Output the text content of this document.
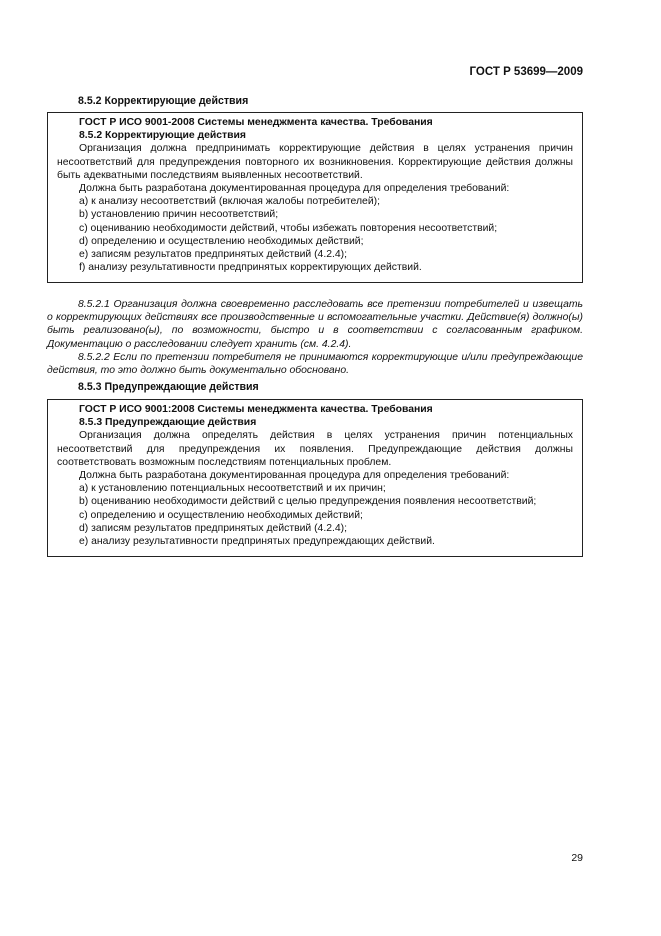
ГОСТ Р 53699—2009
8.5.2 Корректирующие действия
ГОСТ Р ИСО 9001-2008 Системы менеджмента качества. Требования
8.5.2 Корректирующие действия
Организация должна предпринимать корректирующие действия в целях устранения причин несоответствий для предупреждения повторного их возникновения. Корректирующие действия должны быть адекватными последствиям выявленных несоответствий.
Должна быть разработана документированная процедура для определения требований:
a) к анализу несоответствий (включая жалобы потребителей);
b) установлению причин несоответствий;
c) оцениванию необходимости действий, чтобы избежать повторения несоответствий;
d) определению и осуществлению необходимых действий;
e) записям результатов предпринятых действий (4.2.4);
f) анализу результативности предпринятых корректирующих действий.
8.5.2.1 Организация должна своевременно расследовать все претензии потребителей и извещать о корректирующих действиях все производственные и вспомогательные участки. Действие(я) должно(ы) быть реализовано(ы), по возможности, быстро и в соответствии с согласованным графиком. Документацию о расследовании следует хранить (см. 4.2.4).
8.5.2.2 Если по претензии потребителя не принимаются корректирующие и/или предупреждающие действия, то это должно быть документально обосновано.
8.5.3 Предупреждающие действия
ГОСТ Р ИСО 9001:2008 Системы менеджмента качества. Требования
8.5.3 Предупреждающие действия
Организация должна определять действия в целях устранения причин потенциальных несоответствий для предупреждения их появления. Предупреждающие действия должны соответствовать возможным последствиям потенциальных проблем.
Должна быть разработана документированная процедура для определения требований:
a) к установлению потенциальных несоответствий и их причин;
b) оцениванию необходимости действий с целью предупреждения появления несоответствий;
c) определению и осуществлению необходимых действий;
d) записям результатов предпринятых действий (4.2.4);
e) анализу результативности предпринятых предупреждающих действий.
29
